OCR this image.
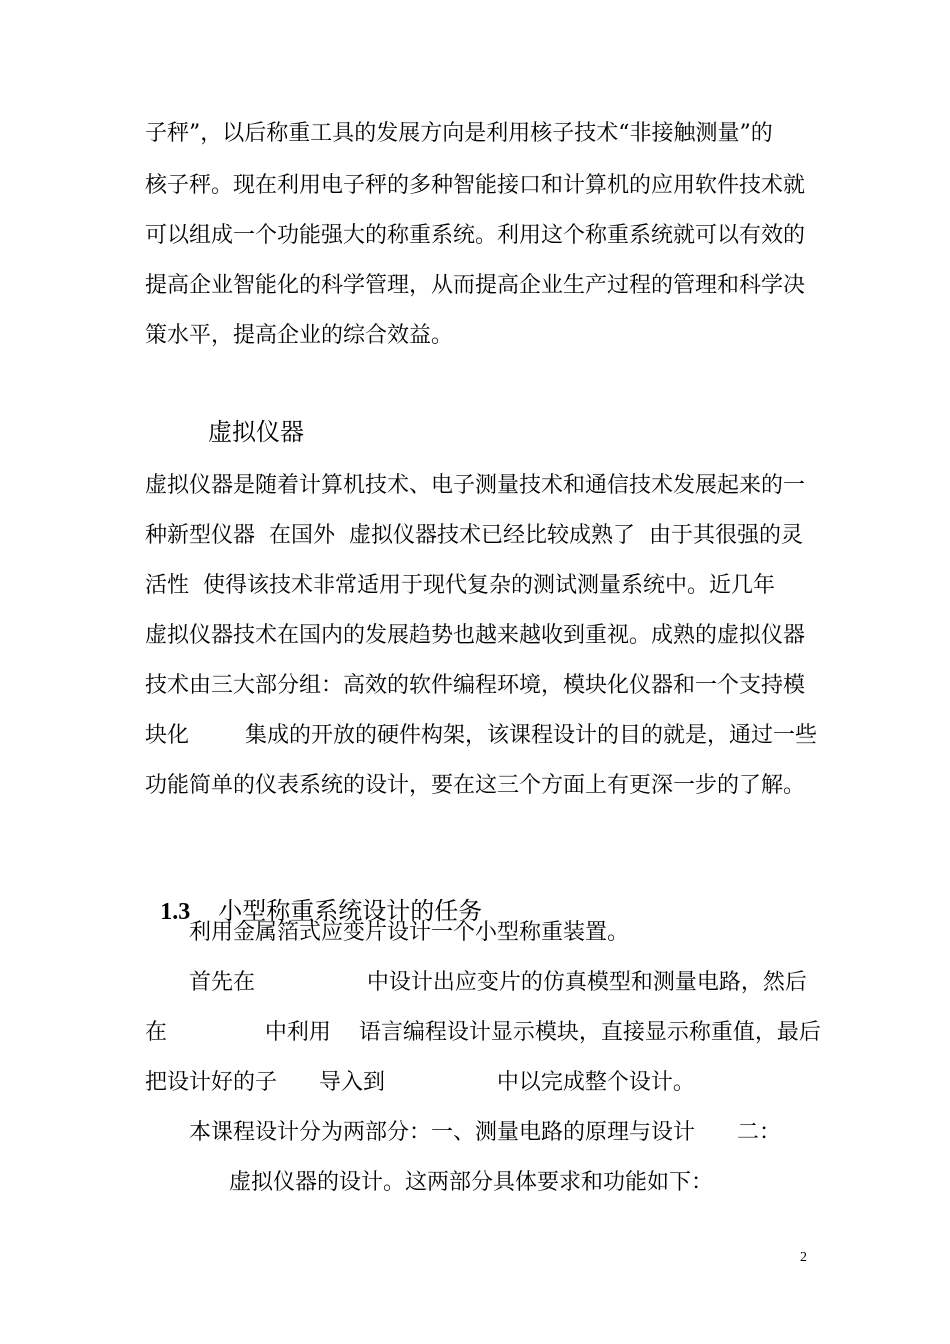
子秤”，以后称重工具的发展方向是利用核子技术“非接触测量”的
核子秤。现在利用电子秤的多种智能接口和计算机的应用软件技术就
可以组成一个功能强大的称重系统。利用这个称重系统就可以有效的
提高企业智能化的科学管理，从而提高企业生产过程的管理和科学决
策水平，提高企业的综合效益。
虚拟仪器
虚拟仪器是随着计算机技术、电子测量技术和通信技术发展起来的一
种新型仪器  在国外  虚拟仪器技术已经比较成熟了  由于其很强的灵
活性  使得该技术非常适用于现代复杂的测试测量系统中。近几年
虚拟仪器技术在国内的发展趋势也越来越收到重视。成熟的虚拟仪器
技术由三大部分组：高效的软件编程环境，模块化仪器和一个支持模
块化        集成的开放的硬件构架，该课程设计的目的就是，通过一些
功能简单的仪表系统的设计，要在这三个方面上有更深一步的了解。

1.3 小型称重系统设计的任务

利用金属箔式应变片设计一个小型称重装置。
首先在                中设计出应变片的仿真模型和测量电路，然后
在              中利用    语言编程设计显示模块，直接显示称重值，最后
把设计好的子      导入到                中以完成整个设计。
本课程设计分为两部分：一、测量电路的原理与设计      二：
虚拟仪器的设计。这两部分具体要求和功能如下：
2
